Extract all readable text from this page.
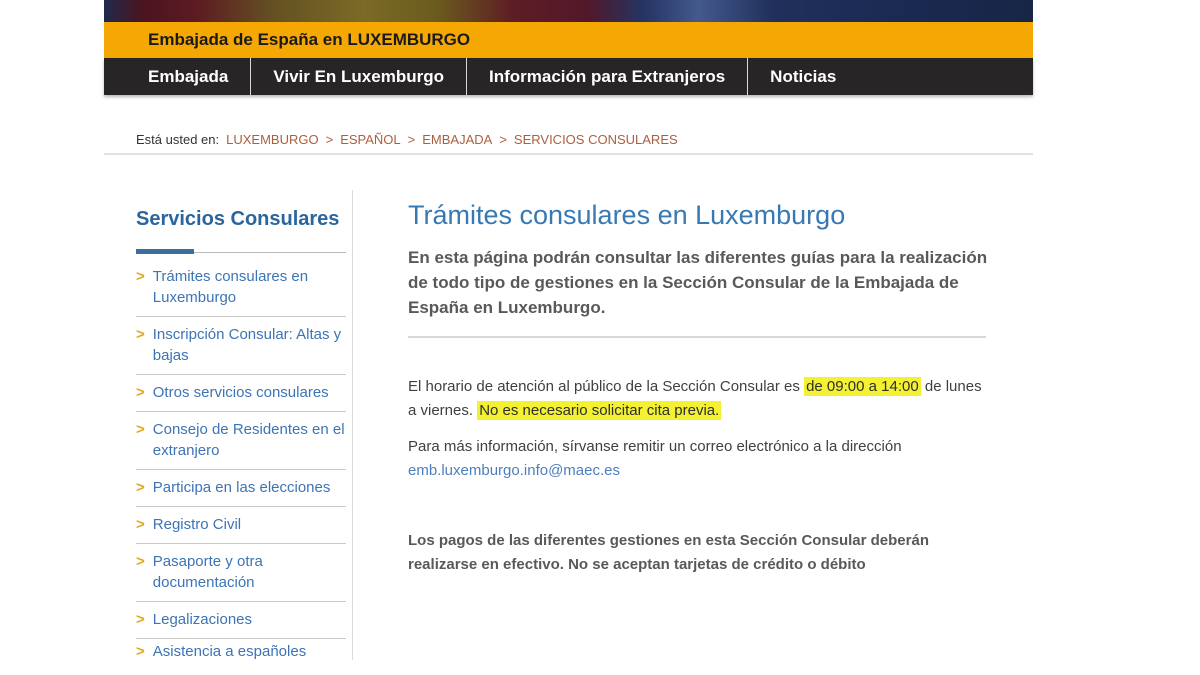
Embajada de España en LUXEMBURGO
Embajada	Vivir En Luxemburgo	Información para Extranjeros	Noticias
Está usted en: LUXEMBURGO > ESPAÑOL > EMBAJADA > SERVICIOS CONSULARES
Servicios Consulares
> Trámites consulares en Luxemburgo
> Inscripción Consular: Altas y bajas
> Otros servicios consulares
> Consejo de Residentes en el extranjero
> Participa en las elecciones
> Registro Civil
> Pasaporte y otra documentación
> Legalizaciones
> Asistencia a españoles
Trámites consulares en Luxemburgo

En esta página podrán consultar las diferentes guías para la realización de todo tipo de gestiones en la Sección Consular de la Embajada de España en Luxemburgo.

El horario de atención al público de la Sección Consular es de 09:00 a 14:00 de lunes a viernes. No es necesario solicitar cita previa.

Para más información, sírvanse remitir un correo electrónico a la dirección
emb.luxemburgo.info@maec.es

Los pagos de las diferentes gestiones en esta Sección Consular deberán realizarse en efectivo. No se aceptan tarjetas de crédito o débito
